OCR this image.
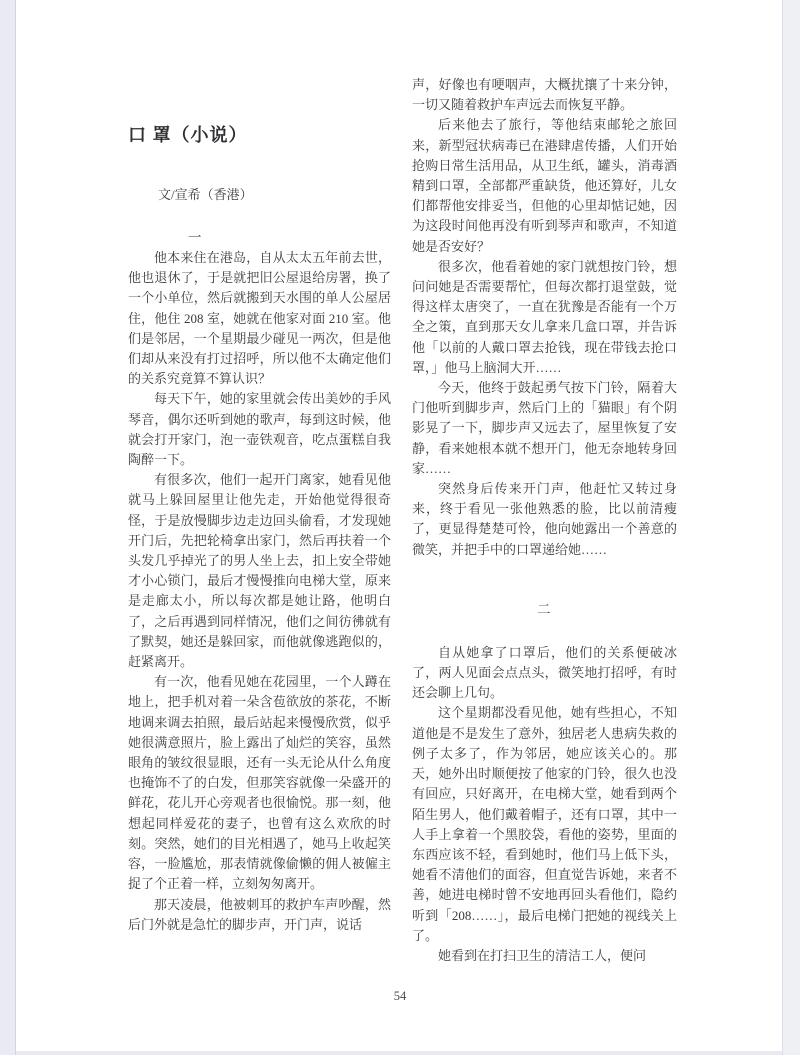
口 罩（小说）
文/宣希（香港）
一

他本来住在港岛，自从太太五年前去世，他也退休了，于是就把旧公屋退给房署，换了一个小单位，然后就搬到天水围的单人公屋居住，他住 208 室，她就在他家对面 210 室。他们是邻居，一个星期最少碰见一两次，但是他们却从来没有打过招呼，所以他不太确定他们的关系究竟算不算认识？

每天下午，她的家里就会传出美妙的手风琴音，偶尔还听到她的歌声，每到这时候，他就会打开家门，泡一壶铁观音，吃点蛋糕自我陶醉一下。

有很多次，他们一起开门离家，她看见他就马上躲回屋里让他先走，开始他觉得很奇怪，于是放慢脚步边走边回头偷看，才发现她开门后，先把轮椅拿出家门，然后再扶着一个头发几乎掉光了的男人坐上去，扣上安全带她才小心锁门，最后才慢慢推向电梯大堂，原来是走廊太小，所以每次都是她让路，他明白了，之后再遇到同样情况，他们之间彷彿就有了默契，她还是躲回家，而他就像逃跑似的，赶紧离开。

有一次，他看见她在花园里，一个人蹲在地上，把手机对着一朵含苞欲放的茶花，不断地调来调去拍照，最后站起来慢慢欣赏，似乎她很满意照片，脸上露出了灿烂的笑容，虽然眼角的皱纹很显眼，还有一头无论从什么角度也掩饰不了的白发，但那笑容就像一朵盛开的鲜花，花儿开心旁观者也很愉悦。那一刻，他想起同样爱花的妻子，也曾有这么欢欣的时刻。突然，她们的目光相遇了，她马上收起笑容，一脸尴尬，那表情就像偷懒的佣人被僱主捉了个正着一样，立刻匆匆离开。

那天凌晨，他被刺耳的救护车声吵醒，然后门外就是急忙的脚步声，开门声，说话

声，好像也有哽咽声，大概扰攘了十来分钟，一切又随着救护车声远去而恢复平静。

后来他去了旅行，等他结束邮轮之旅回来，新型冠状病毒已在港肆虐传播，人们开始抢购日常生活用品，从卫生纸，罐头，消毒酒精到口罩，全部都严重缺货，他还算好，儿女们都帮他安排妥当，但他的心里却惦记她，因为这段时间他再没有听到琴声和歌声，不知道她是否安好？

很多次，他看着她的家门就想按门铃，想问问她是否需要帮忙，但每次都打退堂鼓，觉得这样太唐突了，一直在犹豫是否能有一个万全之策，直到那天女儿拿来几盒口罩，并告诉他「以前的人戴口罩去抢钱，现在带钱去抢口罩，」他马上脑洞大开……

今天，他终于鼓起勇气按下门铃，隔着大门他听到脚步声，然后门上的「猫眼」有个阴影晃了一下，脚步声又远去了，屋里恢复了安静，看来她根本就不想开门，他无奈地转身回家……

突然身后传来开门声，他赶忙又转过身来，终于看见一张他熟悉的脸，比以前清瘦了，更显得楚楚可怜，他向她露出一个善意的微笑，并把手中的口罩递给她……

二

自从她拿了口罩后，他们的关系便破冰了，两人见面会点点头，微笑地打招呼，有时还会聊上几句。

这个星期都没看见他，她有些担心，不知道他是不是发生了意外，独居老人患病失救的例子太多了，作为邻居，她应该关心的。那天，她外出时顺便按了他家的门铃，很久也没有回应，只好离开，在电梯大堂，她看到两个陌生男人，他们戴着帽子，还有口罩，其中一人手上拿着一个黑胶袋，看他的姿势，里面的东西应该不轻，看到她时，他们马上低下头，她看不清他们的面容，但直觉告诉她，来者不善，她进电梯时曾不安地再回头看他们，隐约听到「208……」，最后电梯门把她的视线关上了。

她看到在打扫卫生的清洁工人，便问

54
